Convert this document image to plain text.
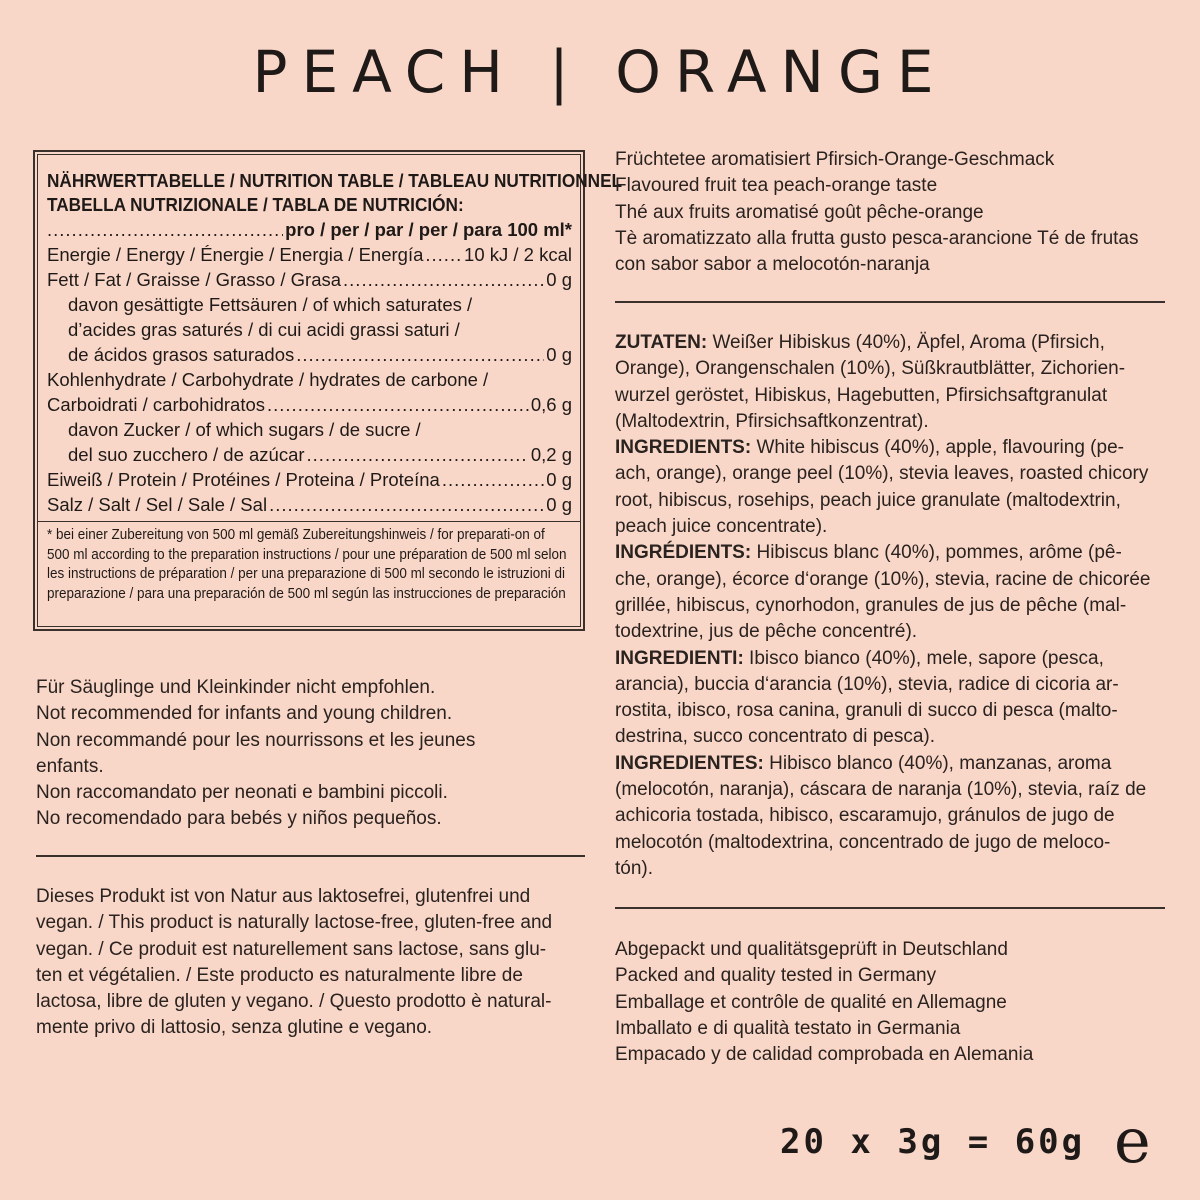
PEACH | ORANGE
NÄHRWERTTABELLE / NUTRITION TABLE / TABLEAU NUTRITIONNEL
TABELLA NUTRIZIONALE / TABLA DE NUTRICIÓN:
.....
pro / per / par / per / para 100 ml*
Energie / Energy / Énergie / Energia / Energía ..... 10 kJ / 2 kcal
Fett / Fat / Graisse / Grasso / Grasa .....	0 g
davon gesättigte Fettsäuren / of which saturates /
d’acides gras saturés / di cui acidi grassi saturi /
de ácidos grasos saturados .....	0 g
Kohlenhydrate / Carbohydrate / hydrates de carbone /
Carboidrati / carbohidratos .....	0,6 g
davon Zucker / of which sugars / de sucre /
del suo zucchero / de azúcar .....	0,2 g
Eiweiß / Protein / Protéines / Proteina / Proteína .....	0 g
Salz / Salt / Sel / Sale / Sal .....	0 g
* bei einer Zubereitung von 500 ml gemäß Zubereitungshinweis / for preparati-on of 500 ml according to the preparation instructions / pour une préparation de 500 ml selon les instructions de préparation / per una preparazione di 500 ml secondo le istruzioni di preparazione / para una preparación de 500 ml según las instrucciones de preparación

Für Säuglinge und Kleinkinder nicht empfohlen.

Not recommended for infants and young children.

Non recommandé pour les nourrissons et les jeunes

enfants.

Non raccomandato per neonati e bambini piccoli.

No recomendado para bebés y niños pequeños.

Dieses Produkt ist von Natur aus laktosefrei, glutenfrei und

vegan. / This product is naturally lactose-free, gluten-free and

vegan. / Ce produit est naturellement sans lactose, sans glu-

ten et végétalien. / Este producto es naturalmente libre de

lactosa, libre de gluten y vegano. / Questo prodotto è natural-

mente privo di lattosio, senza glutine e vegano.

Früchtetee aromatisiert Pfirsich-Orange-Geschmack

Flavoured fruit tea peach-orange taste

Thé aux fruits aromatisé goût pêche-orange

Tè aromatizzato alla frutta gusto pesca-arancione Té de frutas

con sabor sabor a melocotón-naranja

ZUTATEN: Weißer Hibiskus (40%), Äpfel, Aroma (Pfirsich,

Orange), Orangenschalen (10%), Süßkrautblätter, Zichorien-

wurzel geröstet, Hibiskus, Hagebutten, Pfirsichsaftgranulat

(Maltodextrin, Pfirsichsaftkonzentrat).

INGREDIENTS: White hibiscus (40%), apple, flavouring (pe-

ach, orange), orange peel (10%), stevia leaves, roasted chicory

root, hibiscus, rosehips, peach juice granulate (maltodextrin,

peach juice concentrate).

INGRÉDIENTS: Hibiscus blanc (40%), pommes, arôme (pê-

che, orange), écorce d‘orange (10%), stevia, racine de chicorée

grillée, hibiscus, cynorhodon, granules de jus de pêche (mal-

todextrine, jus de pêche concentré).

INGREDIENTI: Ibisco bianco (40%), mele, sapore (pesca,

arancia), buccia d‘arancia (10%), stevia, radice di cicoria ar-

rostita, ibisco, rosa canina, granuli di succo di pesca (malto-

destrina, succo concentrato di pesca).

INGREDIENTES: Hibisco blanco (40%), manzanas, aroma

(melocotón, naranja), cáscara de naranja (10%), stevia, raíz de

achicoria tostada, hibisco, escaramujo, gránulos de jugo de

melocotón (maltodextrina, concentrado de jugo de meloco-

tón).

Abgepackt und qualitätsgeprüft in Deutschland

Packed and quality tested in Germany

Emballage et contrôle de qualité en Allemagne

Imballato e di qualità testato in Germania

Empacado y de calidad comprobada en Alemania

20 x 3g = 60g e
